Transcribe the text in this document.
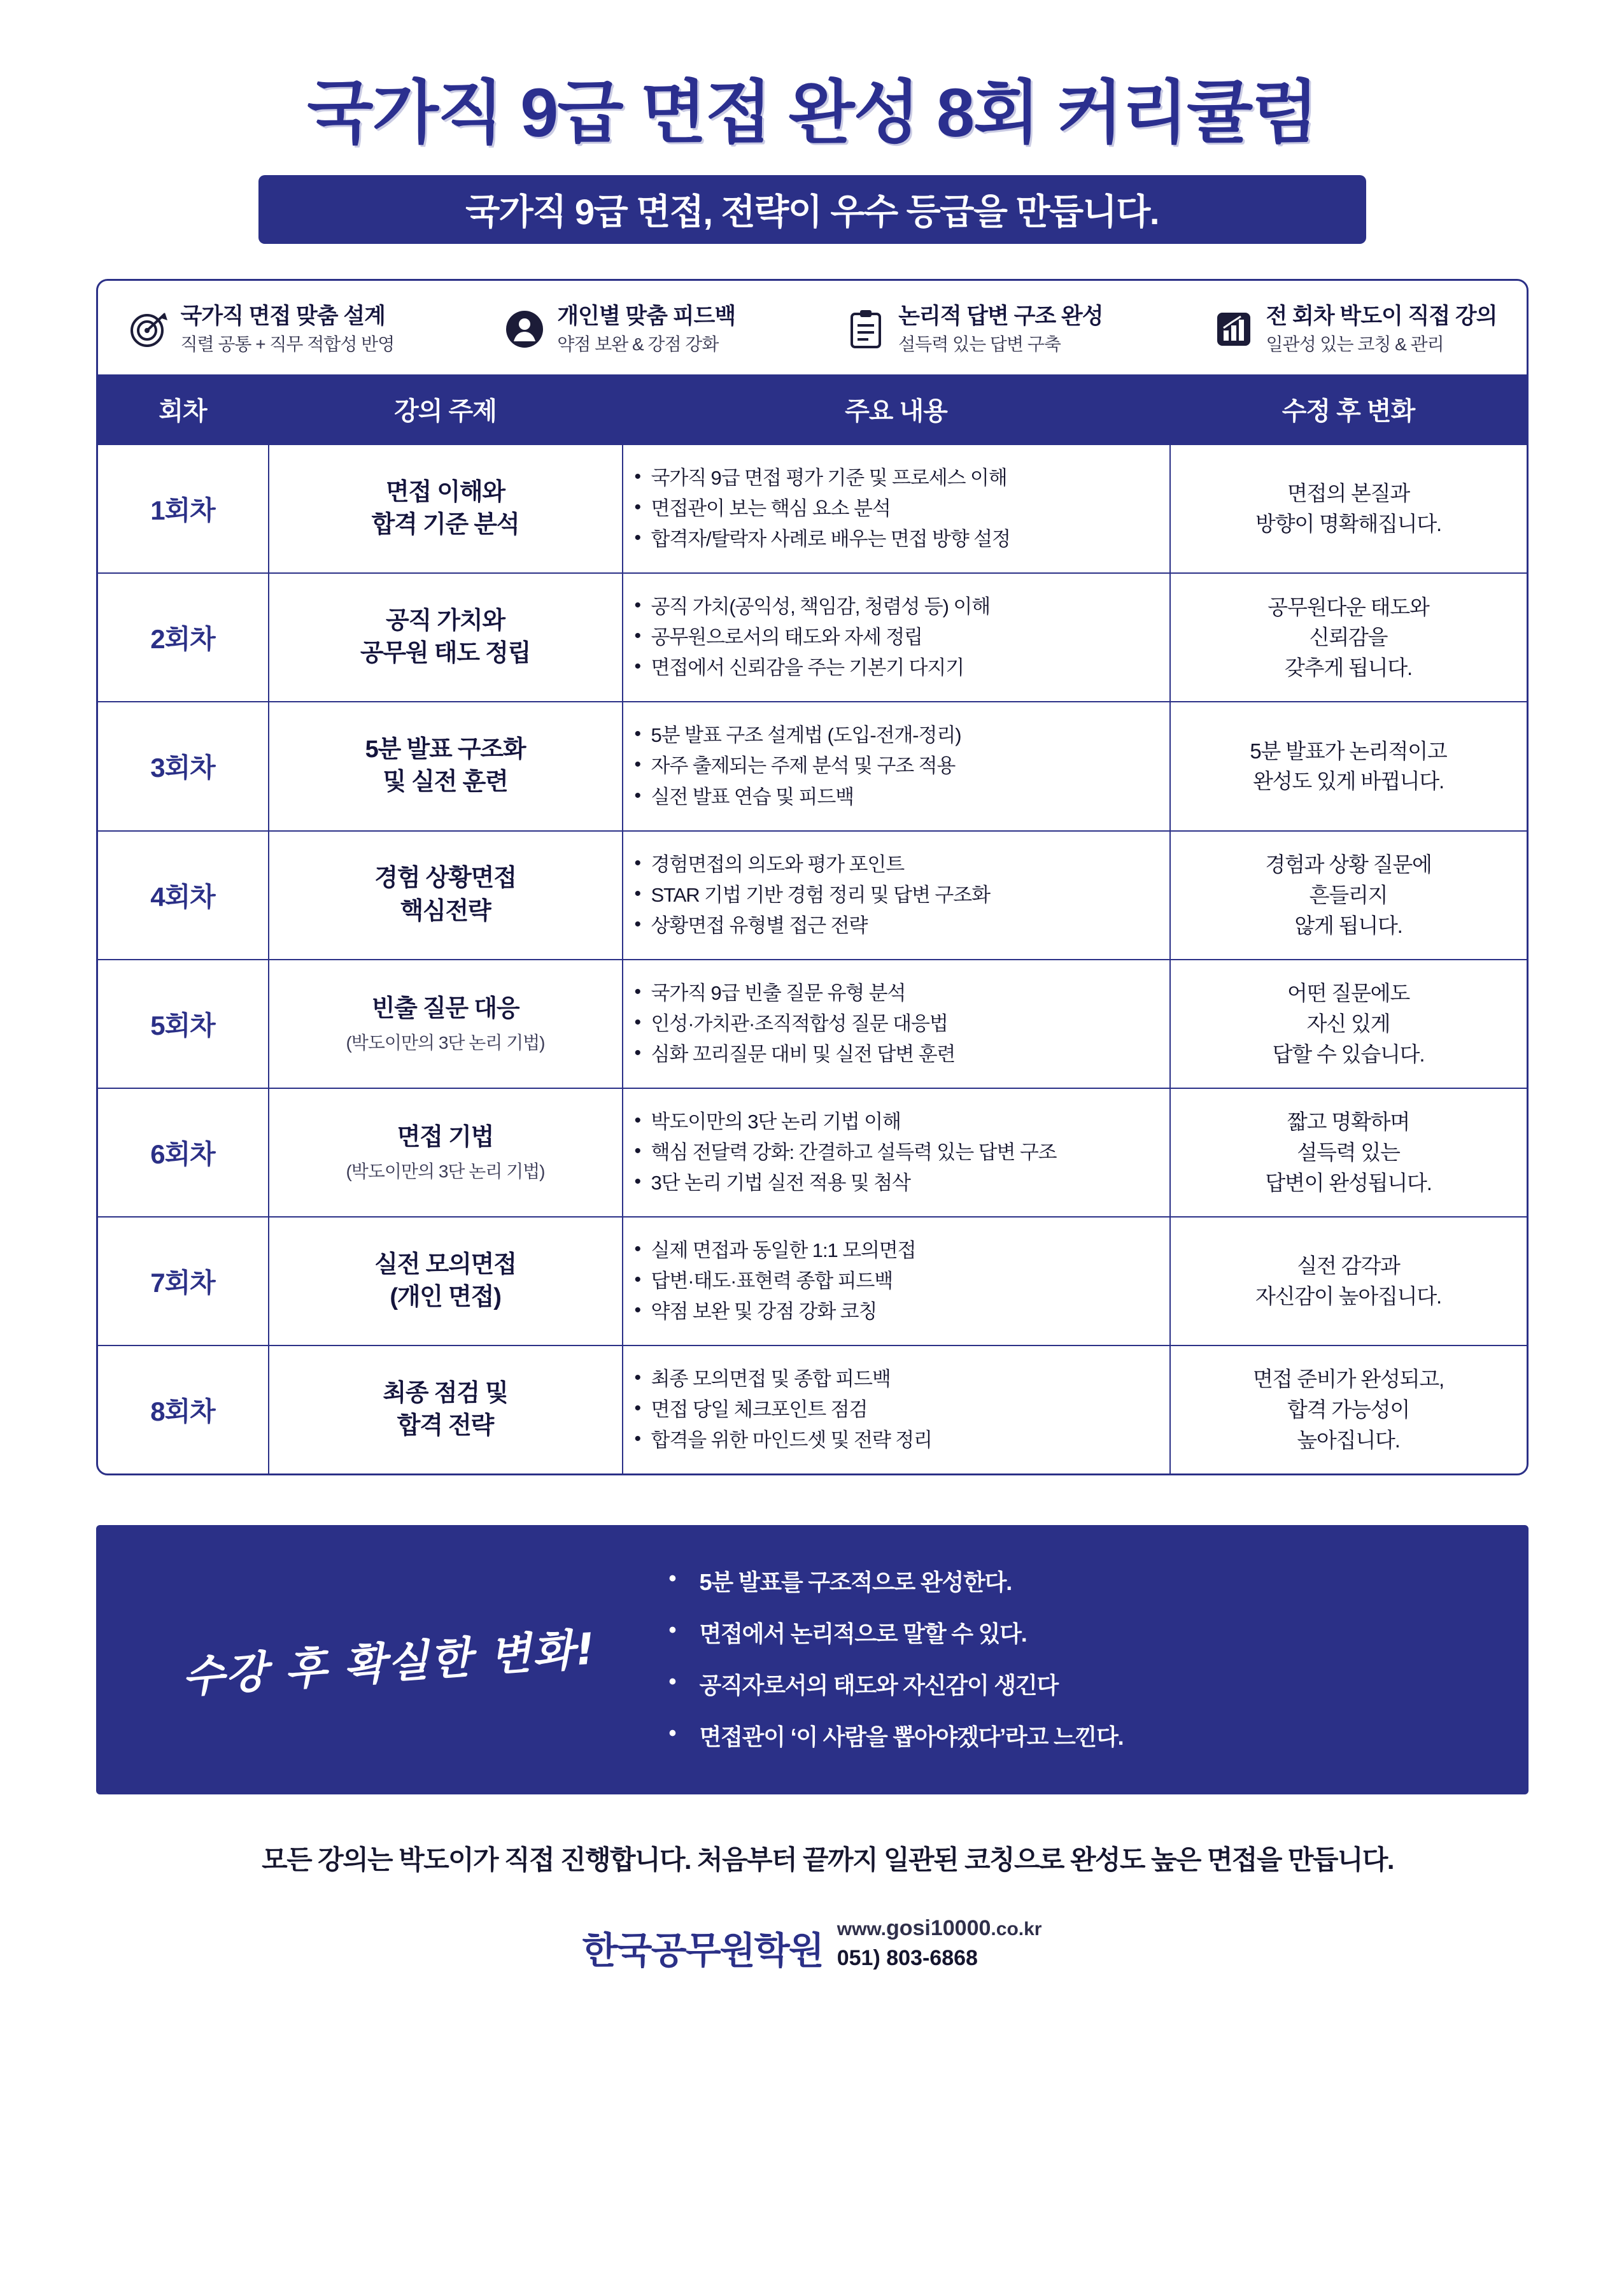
국가직 9급 면접 완성 8회 커리큘럼
국가직 9급 면접, 전략이 우수 등급을 만듭니다.
국가직 면접 맞춤 설계
직렬 공통 + 직무 적합성 반영
개인별 맞춤 피드백
약점 보완 & 강점 강화
논리적 답변 구조 완성
설득력 있는 답변 구축
전 회차 박도이 직접 강의
일관성 있는 코칭 & 관리
회차	강의 주제	주요 내용	수정 후 변화
1회차	면접 이해와
합격 기준 분석	
• 국가직 9급 면접 평가 기준 및 프로세스 이해
• 면접관이 보는 핵심 요소 분석
• 합격자/탈락자 사례로 배우는 면접 방향 설정
	면접의 본질과
방향이 명확해집니다.
2회차	공직 가치와
공무원 태도 정립	
• 공직 가치(공익성, 책임감, 청렴성 등) 이해
• 공무원으로서의 태도와 자세 정립
• 면접에서 신뢰감을 주는 기본기 다지기
	공무원다운 태도와
신뢰감을
갖추게 됩니다.
3회차	5분 발표 구조화
및 실전 훈련	
• 5분 발표 구조 설계법 (도입-전개-정리)
• 자주 출제되는 주제 분석 및 구조 적용
• 실전 발표 연습 및 피드백
	5분 발표가 논리적이고
완성도 있게 바뀝니다.
4회차	경험 상황면접
핵심전략	
• 경험면접의 의도와 평가 포인트
• STAR 기법 기반 경험 정리 및 답변 구조화
• 상황면접 유형별 접근 전략
	경험과 상황 질문에
흔들리지
않게 됩니다.
5회차	빈출 질문 대응
(박도이만의 3단 논리 기법)

• 국가직 9급 빈출 질문 유형 분석
• 인성·가치관·조직적합성 질문 대응법
• 심화 꼬리질문 대비 및 실전 답변 훈련
	어떤 질문에도
자신 있게
답할 수 있습니다.
6회차	면접 기법
(박도이만의 3단 논리 기법)

• 박도이만의 3단 논리 기법 이해
• 핵심 전달력 강화: 간결하고 설득력 있는 답변 구조
• 3단 논리 기법 실전 적용 및 첨삭
	짧고 명확하며
설득력 있는
답변이 완성됩니다.
7회차	실전 모의면접
(개인 면접)	
• 실제 면접과 동일한 1:1 모의면접
• 답변·태도·표현력 종합 피드백
• 약점 보완 및 강점 강화 코칭
	실전 감각과
자신감이 높아집니다.
8회차	최종 점검 및
합격 전략	
• 최종 모의면접 및 종합 피드백
• 면접 당일 체크포인트 점검
• 합격을 위한 마인드셋 및 전략 정리
	면접 준비가 완성되고,
합격 가능성이
높아집니다.
수강 후 확실한 변화!
• 5분 발표를 구조적으로 완성한다.
• 면접에서 논리적으로 말할 수 있다.
• 공직자로서의 태도와 자신감이 생긴다
• 면접관이 ‘이 사람을 뽑아야겠다’라고 느낀다.
모든 강의는 박도이가 직접 진행합니다. 처음부터 끝까지 일관된 코칭으로 완성도 높은 면접을 만듭니다.
한국공무원학원
www.gosi10000.co.kr
051) 803-6868
